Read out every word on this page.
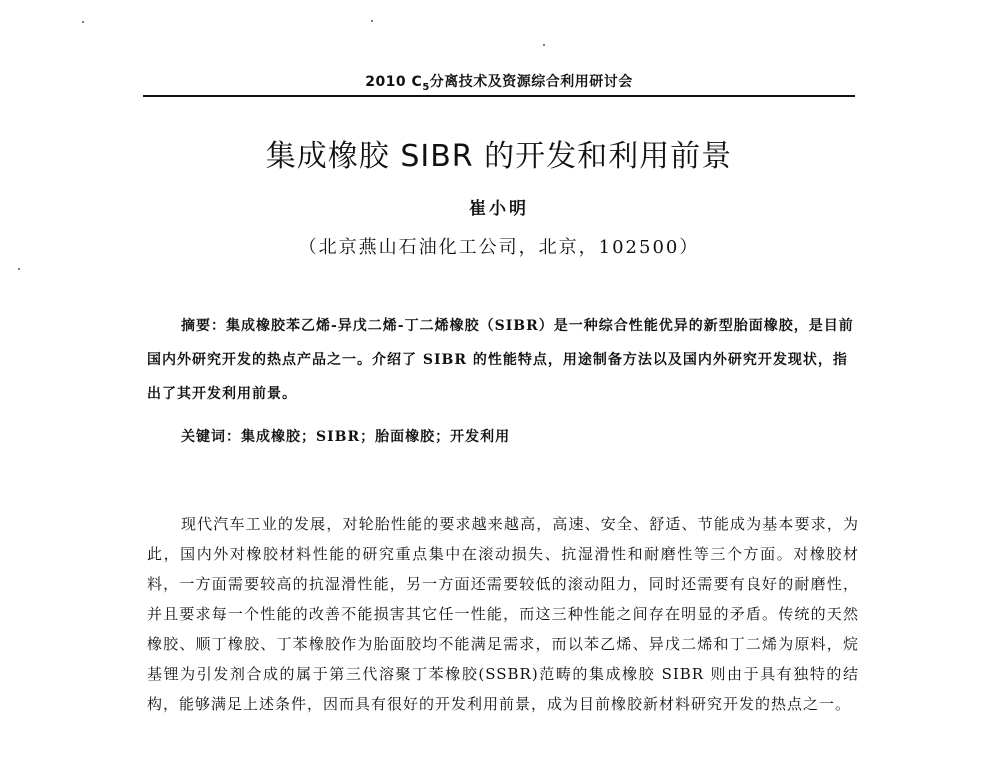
2010 $C_5$分离技术及资源综合利用研讨会
集成橡胶 SIBR 的开发和利用前景
崔小明
（北京燕山石油化工公司，北京，102500）
摘要：集成橡胶苯乙烯-异戊二烯-丁二烯橡胶（SIBR）是一种综合性能优异的新型胎面橡胶，是目前国内外研究开发的热点产品之一。介绍了 SIBR 的性能特点，用途制备方法以及国内外研究开发现状，指出了其开发利用前景。
关键词：集成橡胶；SIBR；胎面橡胶；开发利用
现代汽车工业的发展，对轮胎性能的要求越来越高，高速、安全、舒适、节能成为基本要求，为此，国内外对橡胶材料性能的研究重点集中在滚动损失、抗湿滑性和耐磨性等三个方面。对橡胶材料，一方面需要较高的抗湿滑性能，另一方面还需要较低的滚动阻力，同时还需要有良好的耐磨性，并且要求每一个性能的改善不能损害其它任一性能，而这三种性能之间存在明显的矛盾。传统的天然橡胶、顺丁橡胶、丁苯橡胶作为胎面胶均不能满足需求，而以苯乙烯、异戊二烯和丁二烯为原料，烷基锂为引发剂合成的属于第三代溶聚丁苯橡胶(SSBR)范畴的集成橡胶 SIBR 则由于具有独特的结构，能够满足上述条件，因而具有很好的开发利用前景，成为目前橡胶新材料研究开发的热点之一。
